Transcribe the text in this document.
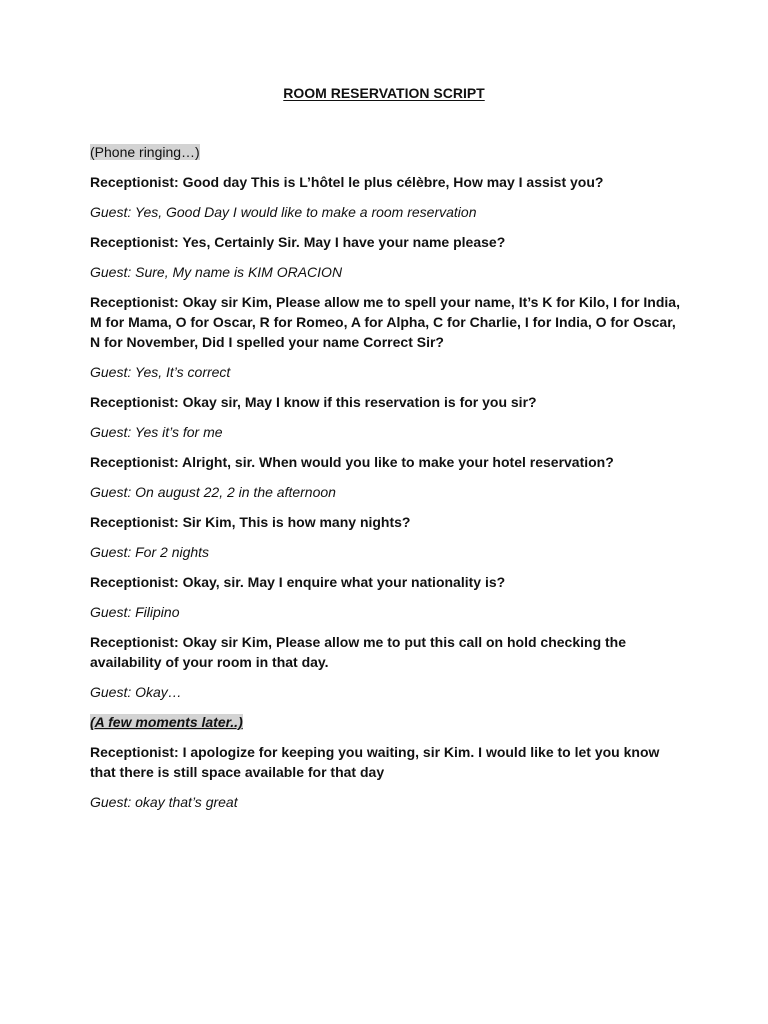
ROOM RESERVATION SCRIPT

(Phone ringing…)

Receptionist: Good day This is L’hôtel le plus célèbre, How may I assist you?

Guest: Yes, Good Day I would like to make a room reservation

Receptionist: Yes, Certainly Sir. May I have your name please?

Guest: Sure, My name is KIM ORACION

Receptionist: Okay sir Kim, Please allow me to spell your name, It’s K for Kilo, I for India, M for Mama, O for Oscar, R for Romeo, A for Alpha, C for Charlie, I for India, O for Oscar, N for November, Did I spelled your name Correct Sir?

Guest: Yes, It’s correct

Receptionist: Okay sir, May I know if this reservation is for you sir?

Guest: Yes it’s for me

Receptionist: Alright, sir. When would you like to make your hotel reservation?

Guest: On august 22, 2 in the afternoon

Receptionist: Sir Kim, This is how many nights?

Guest: For 2 nights

Receptionist: Okay, sir. May I enquire what your nationality is?

Guest: Filipino

Receptionist: Okay sir Kim, Please allow me to put this call on hold checking the availability of your room in that day.

Guest: Okay…

(A few moments later..)

Receptionist: I apologize for keeping you waiting, sir Kim. I would like to let you know that there is still space available for that day

Guest: okay that’s great
